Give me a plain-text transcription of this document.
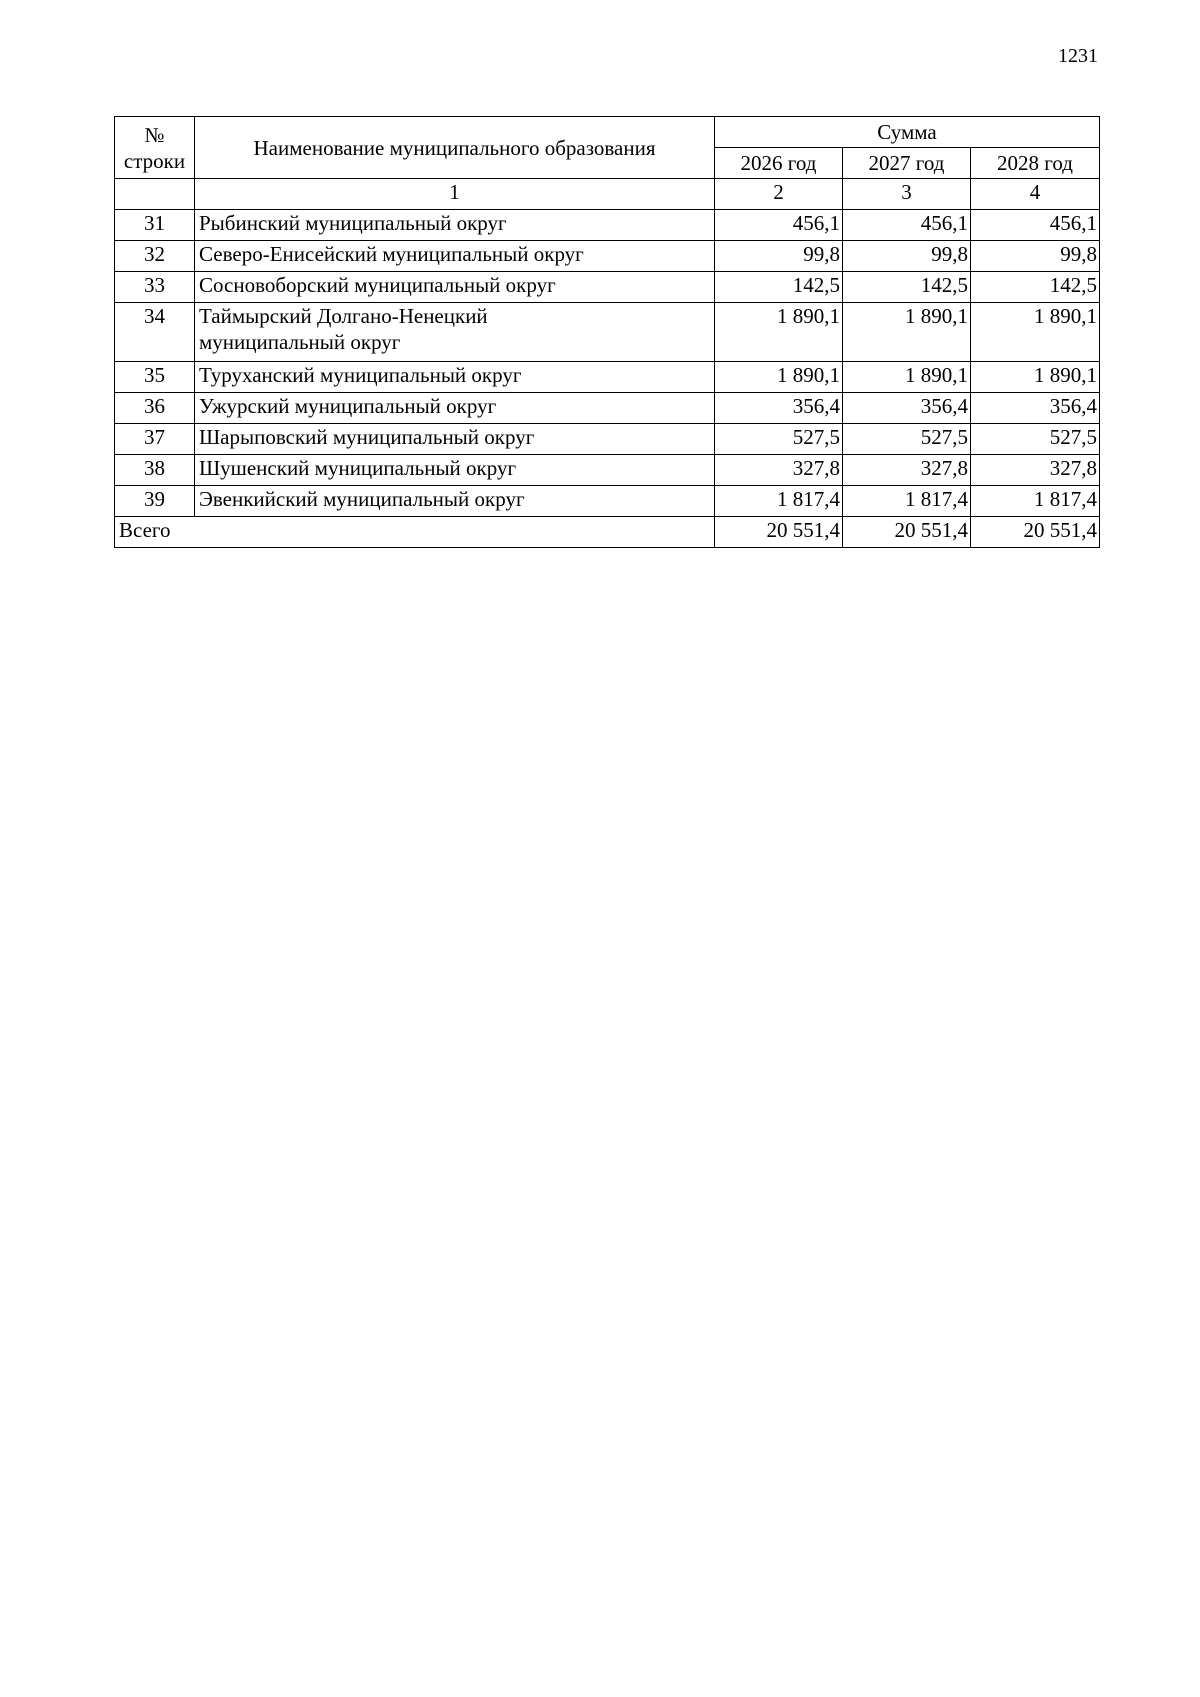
1231
№
строки	Наименование муниципального образования	Сумма		
		2026 год	2027 год	2028 год
	1	2	3	4
31	Рыбинский муниципальный округ	456,1	456,1	456,1
32	Северо-Енисейский муниципальный округ	99,8	99,8	99,8
33	Сосновоборский муниципальный округ	142,5	142,5	142,5
34	Таймырский Долгано-Ненецкий
муниципальный округ	1 890,1	1 890,1	1 890,1
35	Туруханский муниципальный округ	1 890,1	1 890,1	1 890,1
36	Ужурский муниципальный округ	356,4	356,4	356,4
37	Шарыповский муниципальный округ	527,5	527,5	527,5
38	Шушенский муниципальный округ	327,8	327,8	327,8
39	Эвенкийский муниципальный округ	1 817,4	1 817,4	1 817,4
Всего		20 551,4	20 551,4	20 551,4
